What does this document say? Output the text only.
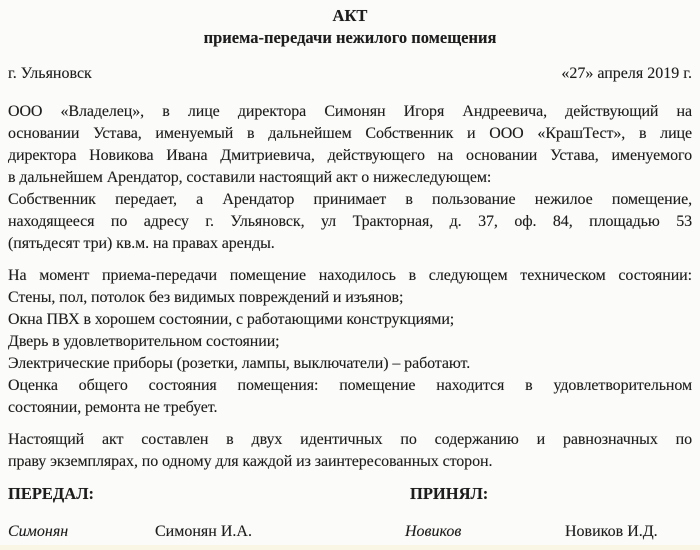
АКТ
приема-передачи нежилого помещения
г. Ульяновск	«27» апреля 2019 г.
ООО «Владелец», в лице директора Симонян Игоря Андреевича, действующий на
основании Устава, именуемый в дальнейшем Собственник и ООО «КрашТест», в лице
директора Новикова Ивана Дмитриевича, действующего на основании Устава, именуемого
в дальнейшем Арендатор, составили настоящий акт о нижеследующем:
Собственник передает, а Арендатор принимает в пользование нежилое помещение,
находящееся по адресу г. Ульяновск, ул Тракторная, д. 37, оф. 84, площадью 53
(пятьдесят три) кв.м. на правах аренды.
На момент приема-передачи помещение находилось в следующем техническом состоянии:
Стены, пол, потолок без видимых повреждений и изъянов;
Окна ПВХ в хорошем состоянии, с работающими конструкциями;
Дверь в удовлетворительном состоянии;
Электрические приборы (розетки, лампы, выключатели) – работают.
Оценка общего состояния помещения: помещение находится в удовлетворительном
состоянии, ремонта не требует.
Настоящий акт составлен в двух идентичных по содержанию и равнозначных по
праву экземплярах, по одному для каждой из заинтересованных сторон.
ПЕРЕДАЛ:	ПРИНЯЛ:
Симонян	Симонян И.А.	Новиков	Новиков И.Д.
